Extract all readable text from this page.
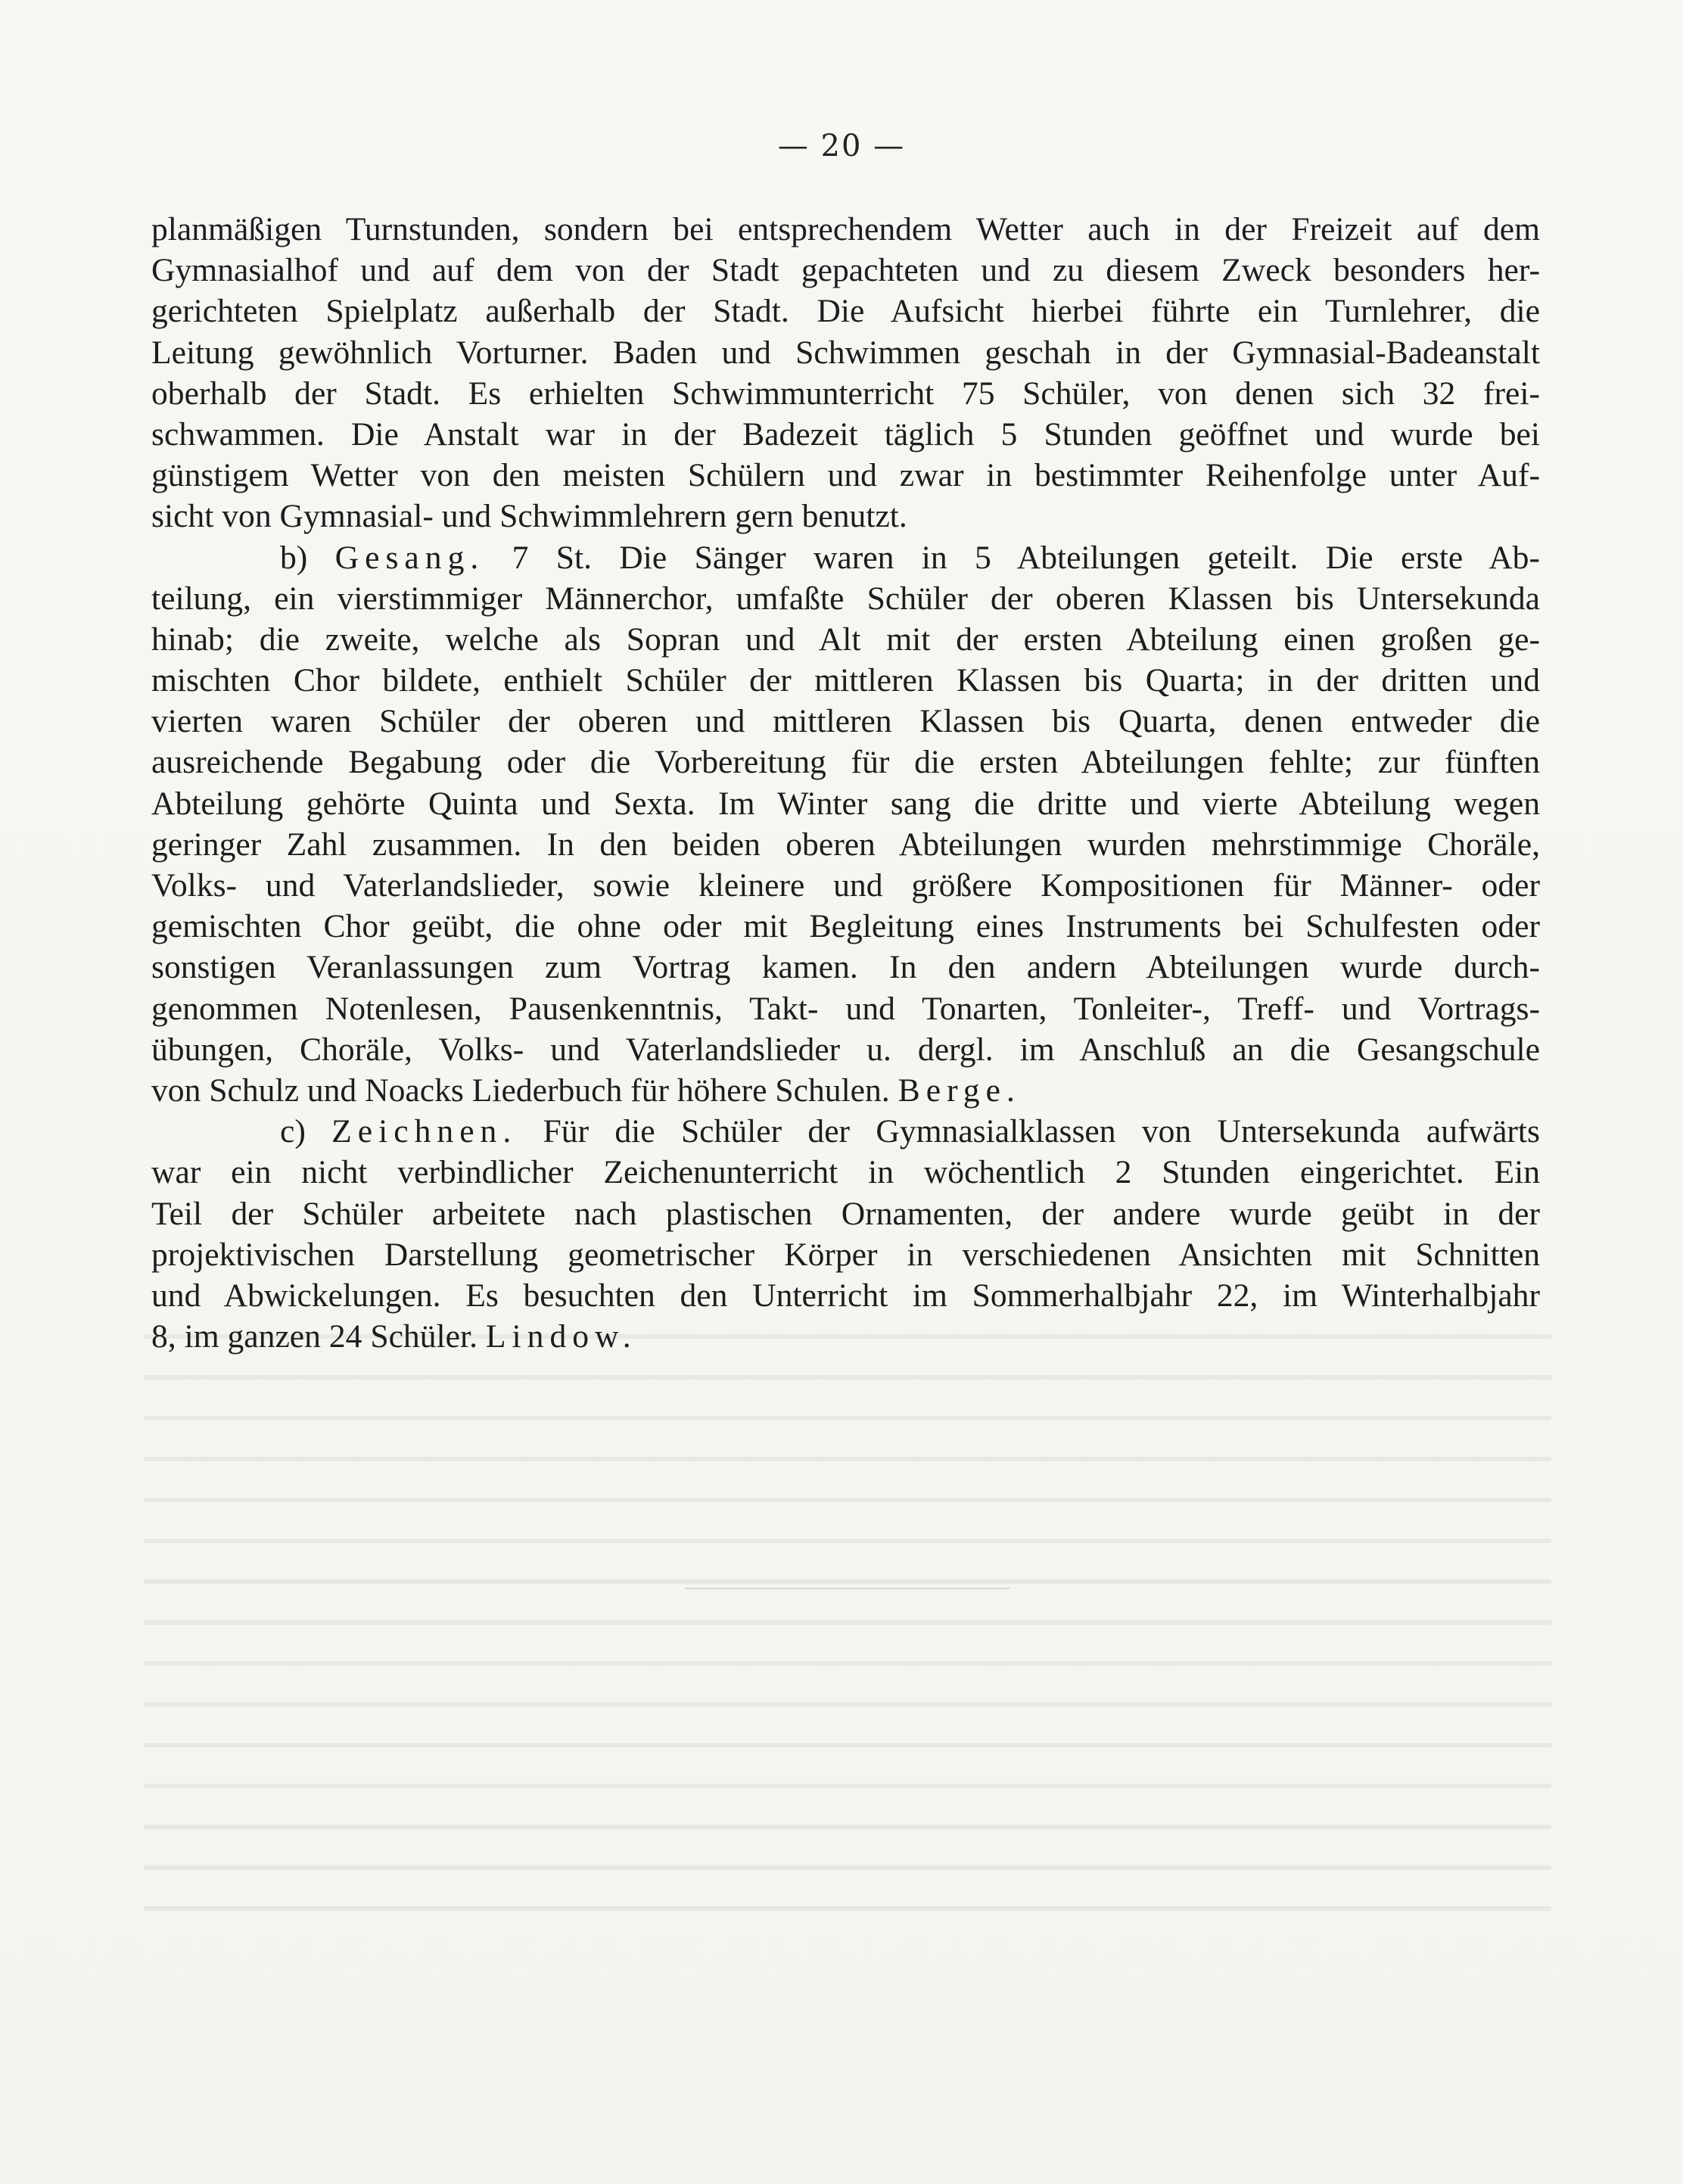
— 20 —
planmäßigen Turnstunden, sondern bei entsprechendem Wetter auch in der Freizeit auf dem
Gymnasialhof und auf dem von der Stadt gepachteten und zu diesem Zweck besonders her-
gerichteten Spielplatz außerhalb der Stadt. Die Aufsicht hierbei führte ein Turnlehrer, die
Leitung gewöhnlich Vorturner. Baden und Schwimmen geschah in der Gymnasial-Badeanstalt
oberhalb der Stadt. Es erhielten Schwimmunterricht 75 Schüler, von denen sich 32 frei-
schwammen. Die Anstalt war in der Badezeit täglich 5 Stunden geöffnet und wurde bei
günstigem Wetter von den meisten Schülern und zwar in bestimmter Reihenfolge unter Auf-
sicht von Gymnasial- und Schwimmlehrern gern benutzt.
b) Gesang. 7 St. Die Sänger waren in 5 Abteilungen geteilt. Die erste Ab-
teilung, ein vierstimmiger Männerchor, umfaßte Schüler der oberen Klassen bis Untersekunda
hinab; die zweite, welche als Sopran und Alt mit der ersten Abteilung einen großen ge-
mischten Chor bildete, enthielt Schüler der mittleren Klassen bis Quarta; in der dritten und
vierten waren Schüler der oberen und mittleren Klassen bis Quarta, denen entweder die
ausreichende Begabung oder die Vorbereitung für die ersten Abteilungen fehlte; zur fünften
Abteilung gehörte Quinta und Sexta. Im Winter sang die dritte und vierte Abteilung wegen
geringer Zahl zusammen. In den beiden oberen Abteilungen wurden mehrstimmige Choräle,
Volks- und Vaterlandslieder, sowie kleinere und größere Kompositionen für Männer- oder
gemischten Chor geübt, die ohne oder mit Begleitung eines Instruments bei Schulfesten oder
sonstigen Veranlassungen zum Vortrag kamen. In den andern Abteilungen wurde durch-
genommen Notenlesen, Pausenkenntnis, Takt- und Tonarten, Tonleiter-, Treff- und Vortrags-
übungen, Choräle, Volks- und Vaterlandslieder u. dergl. im Anschluß an die Gesangschule
von Schulz und Noacks Liederbuch für höhere Schulen. Berge.
c) Zeichnen. Für die Schüler der Gymnasialklassen von Untersekunda aufwärts
war ein nicht verbindlicher Zeichenunterricht in wöchentlich 2 Stunden eingerichtet. Ein
Teil der Schüler arbeitete nach plastischen Ornamenten, der andere wurde geübt in der
projektivischen Darstellung geometrischer Körper in verschiedenen Ansichten mit Schnitten
und Abwickelungen. Es besuchten den Unterricht im Sommerhalbjahr 22, im Winterhalbjahr
8, im ganzen 24 Schüler. Lindow.
